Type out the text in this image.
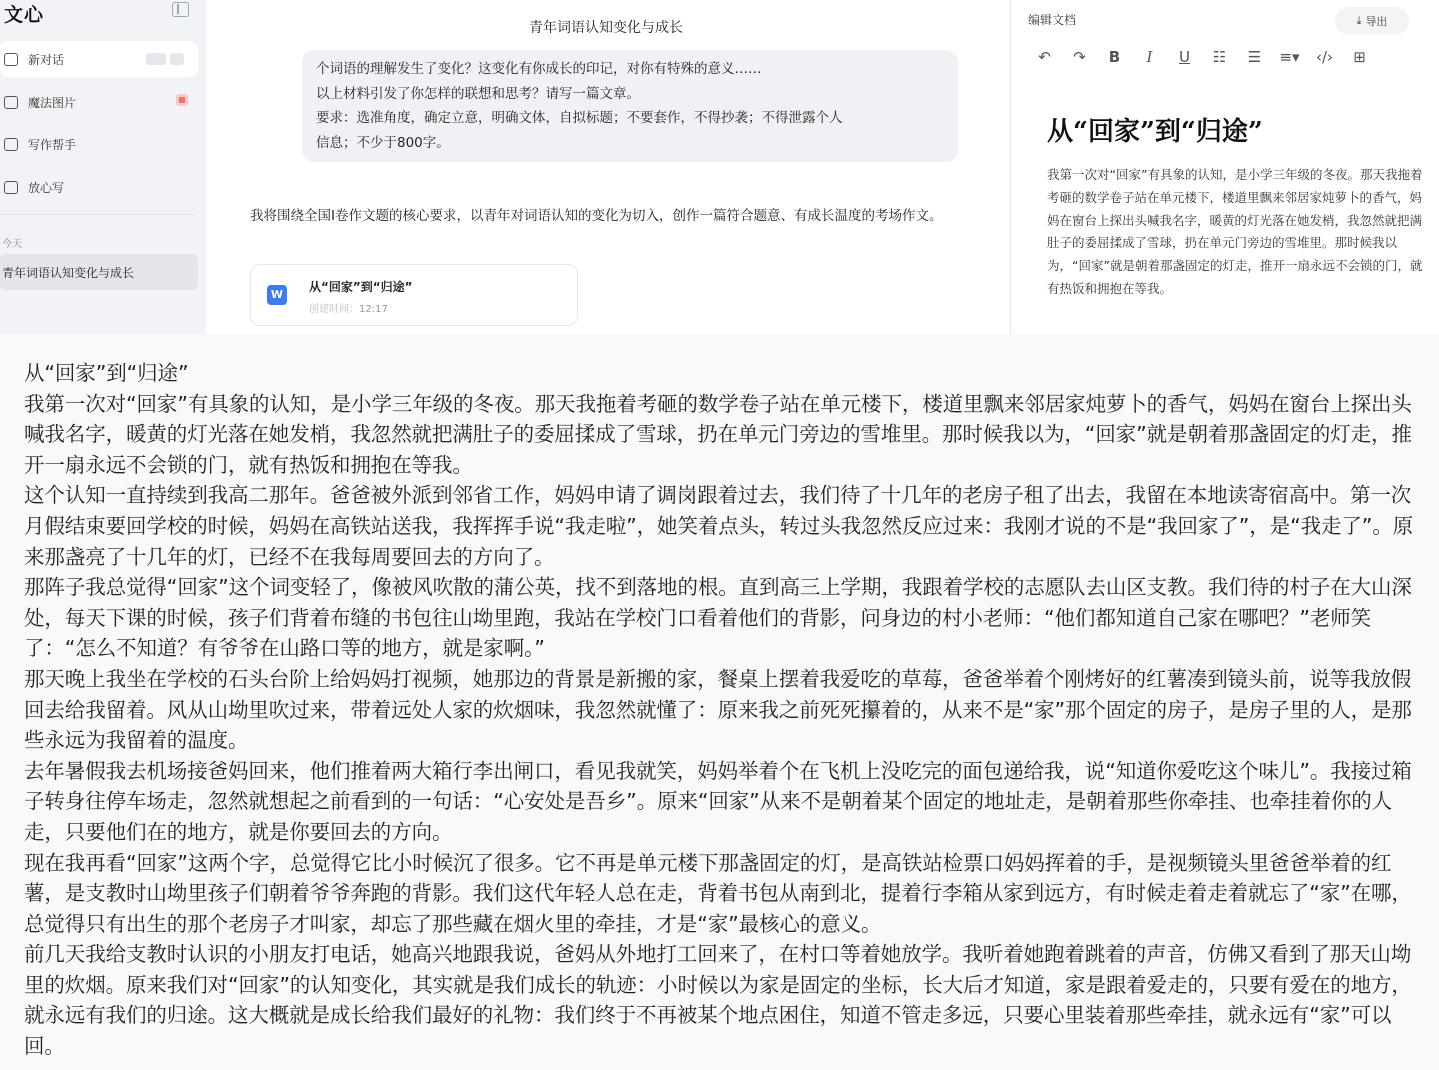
文心
新对话
魔法图片
写作帮手
放心写
今天
青年词语认知变化与成长
青年词语认知变化与成长

个词语的理解发生了变化？这变化有你成长的印记，对你有特殊的意义……

以上材料引发了你怎样的联想和思考？请写一篇文章。

要求：选准角度，确定立意，明确文体，自拟标题；不要套作，不得抄袭；不得泄露个人

信息；不少于800字。

我将围绕全国I卷作文题的核心要求，以青年对词语认知的变化为切入，创作一篇符合题意、有成长温度的考场作文。
W
从“回家”到“归途”
创建时间：12:17
编辑文档	⤓ 导出
↶	↷	B	I	U	☷	☰	≡▾	‹/›	⊞
从“回家”到“归途”
我第一次对“回家”有具象的认知，是小学三年级的冬夜。那天我拖着考砸的数学卷子站在单元楼下，楼道里飘来邻居家炖萝卜的香气，妈妈在窗台上探出头喊我名字，暖黄的灯光落在她发梢，我忽然就把满肚子的委屈揉成了雪球，扔在单元门旁边的雪堆里。那时候我以为，“回家”就是朝着那盏固定的灯走，推开一扇永远不会锁的门，就有热饭和拥抱在等我。

从“回家”到“归途”

我第一次对“回家”有具象的认知，是小学三年级的冬夜。那天我拖着考砸的数学卷子站在单元楼下，楼道里飘来邻居家炖萝卜的香气，妈妈在窗台上探出头喊我名字，暖黄的灯光落在她发梢，我忽然就把满肚子的委屈揉成了雪球，扔在单元门旁边的雪堆里。那时候我以为，“回家”就是朝着那盏固定的灯走，推开一扇永远不会锁的门，就有热饭和拥抱在等我。

这个认知一直持续到我高二那年。爸爸被外派到邻省工作，妈妈申请了调岗跟着过去，我们待了十几年的老房子租了出去，我留在本地读寄宿高中。第一次月假结束要回学校的时候，妈妈在高铁站送我，我挥挥手说“我走啦”，她笑着点头，转过头我忽然反应过来：我刚才说的不是“我回家了”，是“我走了”。原来那盏亮了十几年的灯，已经不在我每周要回去的方向了。

那阵子我总觉得“回家”这个词变轻了，像被风吹散的蒲公英，找不到落地的根。直到高三上学期，我跟着学校的志愿队去山区支教。我们待的村子在大山深处，每天下课的时候，孩子们背着布缝的书包往山坳里跑，我站在学校门口看着他们的背影，问身边的村小老师：“他们都知道自己家在哪吧？”老师笑了：“怎么不知道？有爷爷在山路口等的地方，就是家啊。”

那天晚上我坐在学校的石头台阶上给妈妈打视频，她那边的背景是新搬的家，餐桌上摆着我爱吃的草莓，爸爸举着个刚烤好的红薯凑到镜头前，说等我放假回去给我留着。风从山坳里吹过来，带着远处人家的炊烟味，我忽然就懂了：原来我之前死死攥着的，从来不是“家”那个固定的房子，是房子里的人，是那些永远为我留着的温度。

去年暑假我去机场接爸妈回来，他们推着两大箱行李出闸口，看见我就笑，妈妈举着个在飞机上没吃完的面包递给我，说“知道你爱吃这个味儿”。我接过箱子转身往停车场走，忽然就想起之前看到的一句话：“心安处是吾乡”。原来“回家”从来不是朝着某个固定的地址走，是朝着那些你牵挂、也牵挂着你的人走，只要他们在的地方，就是你要回去的方向。

现在我再看“回家”这两个字，总觉得它比小时候沉了很多。它不再是单元楼下那盏固定的灯，是高铁站检票口妈妈挥着的手，是视频镜头里爸爸举着的红薯，是支教时山坳里孩子们朝着爷爷奔跑的背影。我们这代年轻人总在走，背着书包从南到北，提着行李箱从家到远方，有时候走着走着就忘了“家”在哪，总觉得只有出生的那个老房子才叫家，却忘了那些藏在烟火里的牵挂，才是“家”最核心的意义。

前几天我给支教时认识的小朋友打电话，她高兴地跟我说，爸妈从外地打工回来了，在村口等着她放学。我听着她跑着跳着的声音，仿佛又看到了那天山坳里的炊烟。原来我们对“回家”的认知变化，其实就是我们成长的轨迹：小时候以为家是固定的坐标，长大后才知道，家是跟着爱走的，只要有爱在的地方，就永远有我们的归途。这大概就是成长给我们最好的礼物：我们终于不再被某个地点困住，知道不管走多远，只要心里装着那些牵挂，就永远有“家”可以回。
